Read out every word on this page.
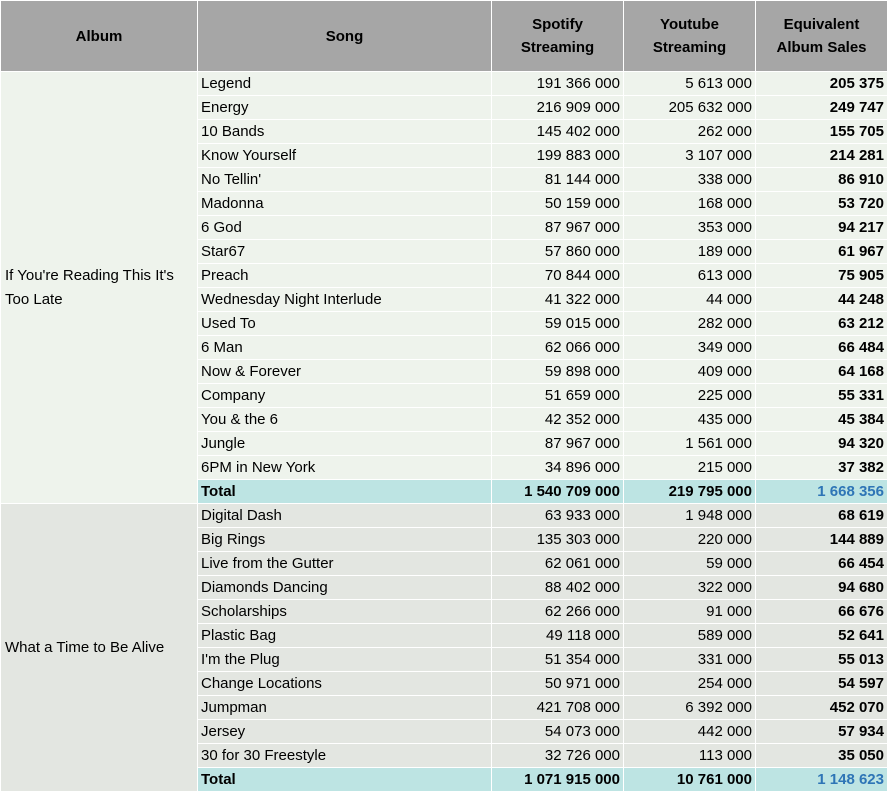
Album	Song	Spotify Streaming	Youtube Streaming	Equivalent Album Sales
If You're Reading This It's Too Late	Legend	191 366 000	5 613 000	205 375
	Energy	216 909 000	205 632 000	249 747
	10 Bands	145 402 000	262 000	155 705
	Know Yourself	199 883 000	3 107 000	214 281
	No Tellin'	81 144 000	338 000	86 910
	Madonna	50 159 000	168 000	53 720
	6 God	87 967 000	353 000	94 217
	Star67	57 860 000	189 000	61 967
	Preach	70 844 000	613 000	75 905
	Wednesday Night Interlude	41 322 000	44 000	44 248
	Used To	59 015 000	282 000	63 212
	6 Man	62 066 000	349 000	66 484
	Now & Forever	59 898 000	409 000	64 168
	Company	51 659 000	225 000	55 331
	You & the 6	42 352 000	435 000	45 384
	Jungle	87 967 000	1 561 000	94 320
	6PM in New York	34 896 000	215 000	37 382
	Total	1 540 709 000	219 795 000	1 668 356
What a Time to Be Alive	Digital Dash	63 933 000	1 948 000	68 619
	Big Rings	135 303 000	220 000	144 889
	Live from the Gutter	62 061 000	59 000	66 454
	Diamonds Dancing	88 402 000	322 000	94 680
	Scholarships	62 266 000	91 000	66 676
	Plastic Bag	49 118 000	589 000	52 641
	I'm the Plug	51 354 000	331 000	55 013
	Change Locations	50 971 000	254 000	54 597
	Jumpman	421 708 000	6 392 000	452 070
	Jersey	54 073 000	442 000	57 934
	30 for 30 Freestyle	32 726 000	113 000	35 050
	Total	1 071 915 000	10 761 000	1 148 623
